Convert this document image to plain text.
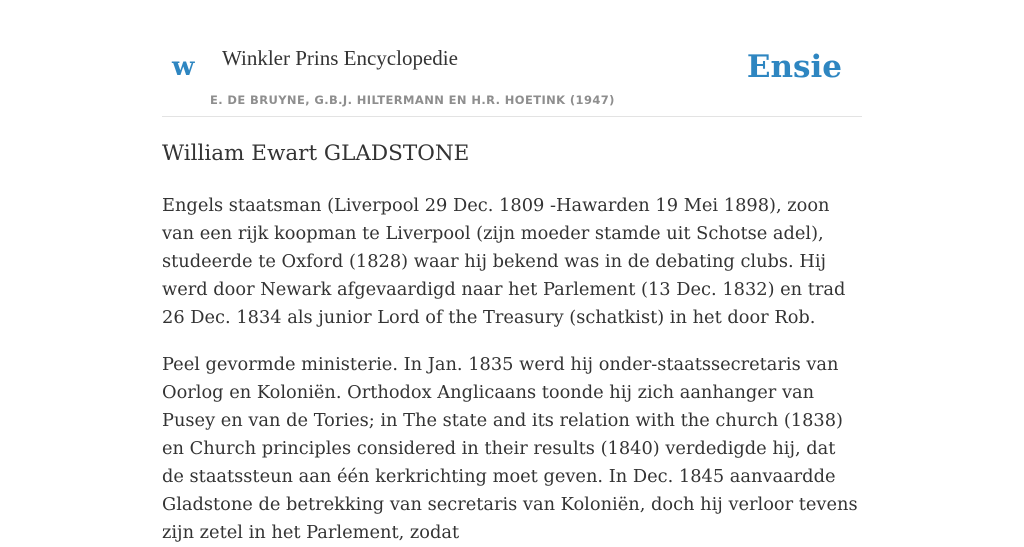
w Winkler Prins Encyclopedie
E. DE BRUYNE, G.B.J. HILTERMANN EN H.R. HOETINK (1947)
Ensie
William Ewart GLADSTONE

Engels staatsman (Liverpool 29 Dec. 1809 -Hawarden 19 Mei 1898), zoon van een rijk koopman te Liverpool (zijn moeder stamde uit Schotse adel), studeerde te Oxford (1828) waar hij bekend was in de debating clubs. Hij werd door Newark afgevaardigd naar het Parlement (13 Dec. 1832) en trad 26 Dec. 1834 als junior Lord of the Treasury (schatkist) in het door Rob.

Peel gevormde ministerie. In Jan. 1835 werd hij onder-staatssecretaris van Oorlog en Koloniën. Orthodox Anglicaans toonde hij zich aanhanger van Pusey en van de Tories; in The state and its relation with the church (1838) en Church principles considered in their results (1840) verdedigde hij, dat de staatssteun aan één kerkrichting moet geven. In Dec. 1845 aanvaardde Gladstone de betrekking van secretaris van Koloniën, doch hij verloor tevens zijn zetel in het Parlement, zodat
